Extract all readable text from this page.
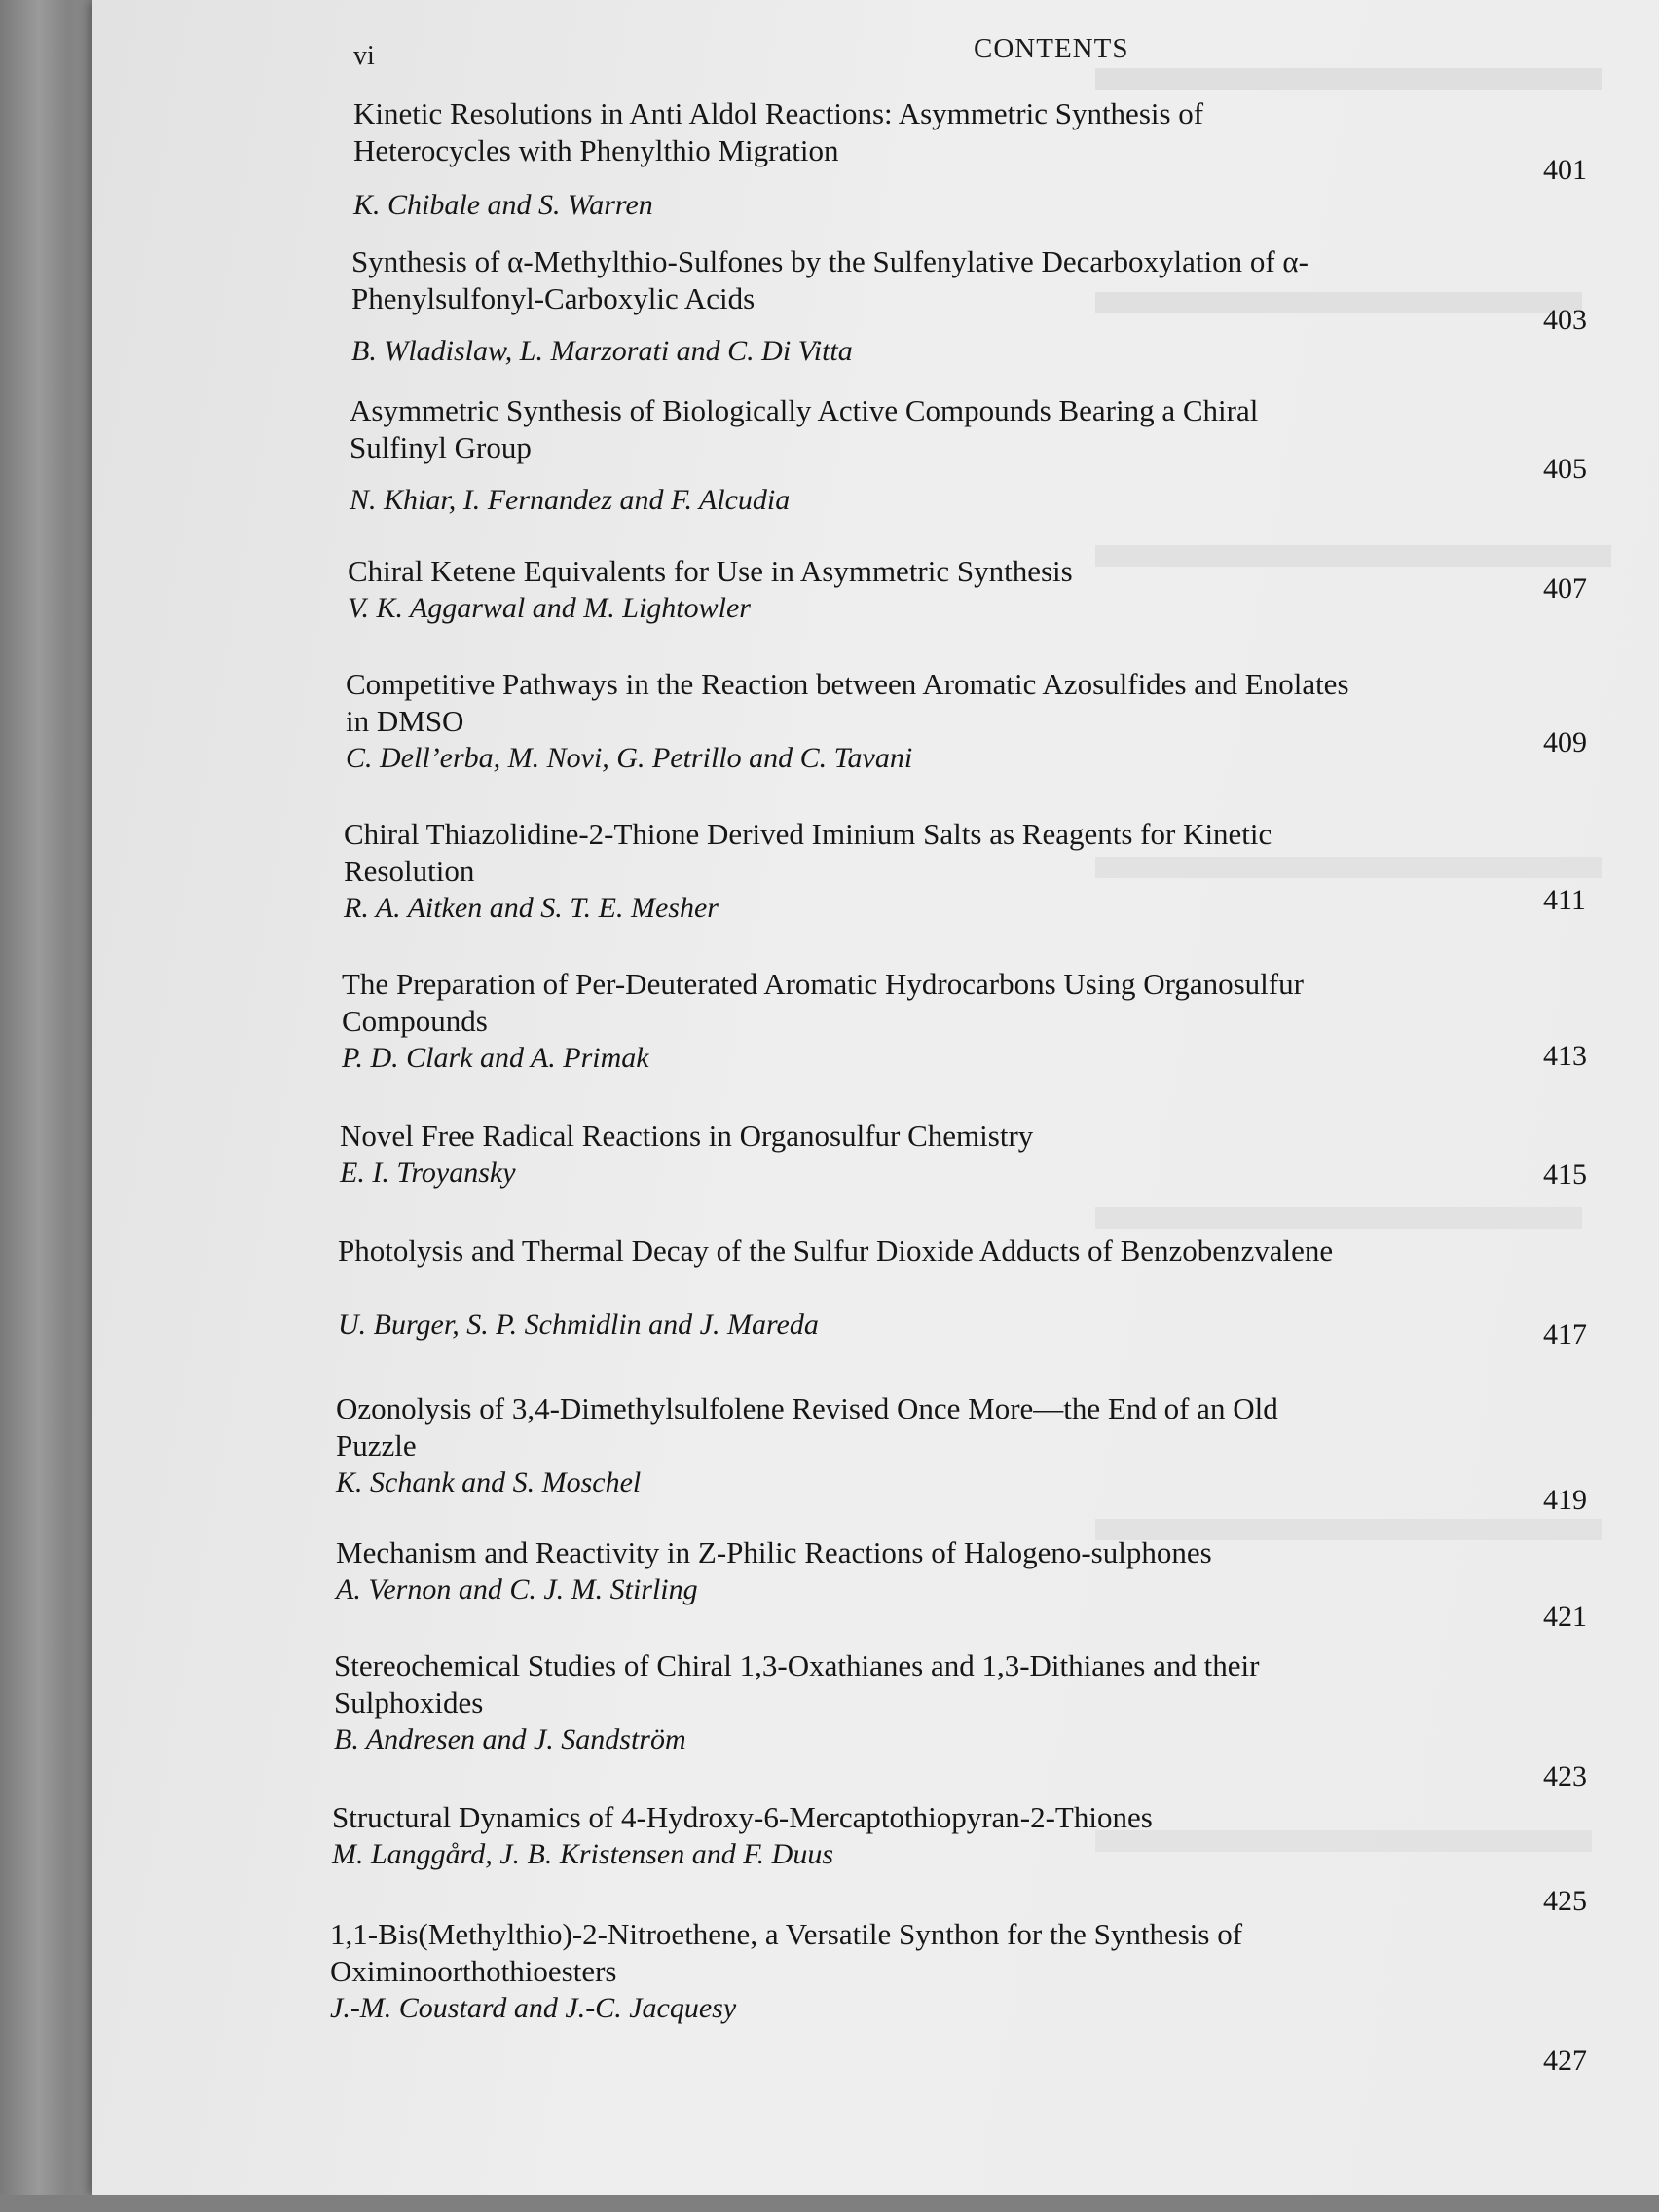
vi	CONTENTS
Kinetic Resolutions in Anti Aldol Reactions: Asymmetric Synthesis of Heterocycles with Phenylthio Migration
K. Chibale and S. Warren
401
Synthesis of α-Methylthio-Sulfones by the Sulfenylative Decarboxylation of α-Phenylsulfonyl-Carboxylic Acids
B. Wladislaw, L. Marzorati and C. Di Vitta
403
Asymmetric Synthesis of Biologically Active Compounds Bearing a Chiral Sulfinyl Group
N. Khiar, I. Fernandez and F. Alcudia
405
Chiral Ketene Equivalents for Use in Asymmetric Synthesis
V. K. Aggarwal and M. Lightowler
407
Competitive Pathways in the Reaction between Aromatic Azosulfides and Enolates in DMSO
C. Dell’erba, M. Novi, G. Petrillo and C. Tavani	409
Chiral Thiazolidine-2-Thione Derived Iminium Salts as Reagents for Kinetic Resolution
R. A. Aitken and S. T. E. Mesher	411
The Preparation of Per-Deuterated Aromatic Hydrocarbons Using Organosulfur Compounds
P. D. Clark and A. Primak	413
Novel Free Radical Reactions in Organosulfur Chemistry
E. I. Troyansky	415
Photolysis and Thermal Decay of the Sulfur Dioxide Adducts of Benzobenzvalene
U. Burger, S. P. Schmidlin and J. Mareda	417
Ozonolysis of 3,4-Dimethylsulfolene Revised Once More—the End of an Old Puzzle
K. Schank and S. Moschel
419
Mechanism and Reactivity in Z-Philic Reactions of Halogeno-sulphones
A. Vernon and C. J. M. Stirling
421
Stereochemical Studies of Chiral 1,3-Oxathianes and 1,3-Dithianes and their Sulphoxides
B. Andresen and J. Sandström
423
Structural Dynamics of 4-Hydroxy-6-Mercaptothiopyran-2-Thiones
M. Langgård, J. B. Kristensen and F. Duus
425
1,1-Bis(Methylthio)-2-Nitroethene, a Versatile Synthon for the Synthesis of Oximinoorthothioesters
J.-M. Coustard and J.-C. Jacquesy
427
